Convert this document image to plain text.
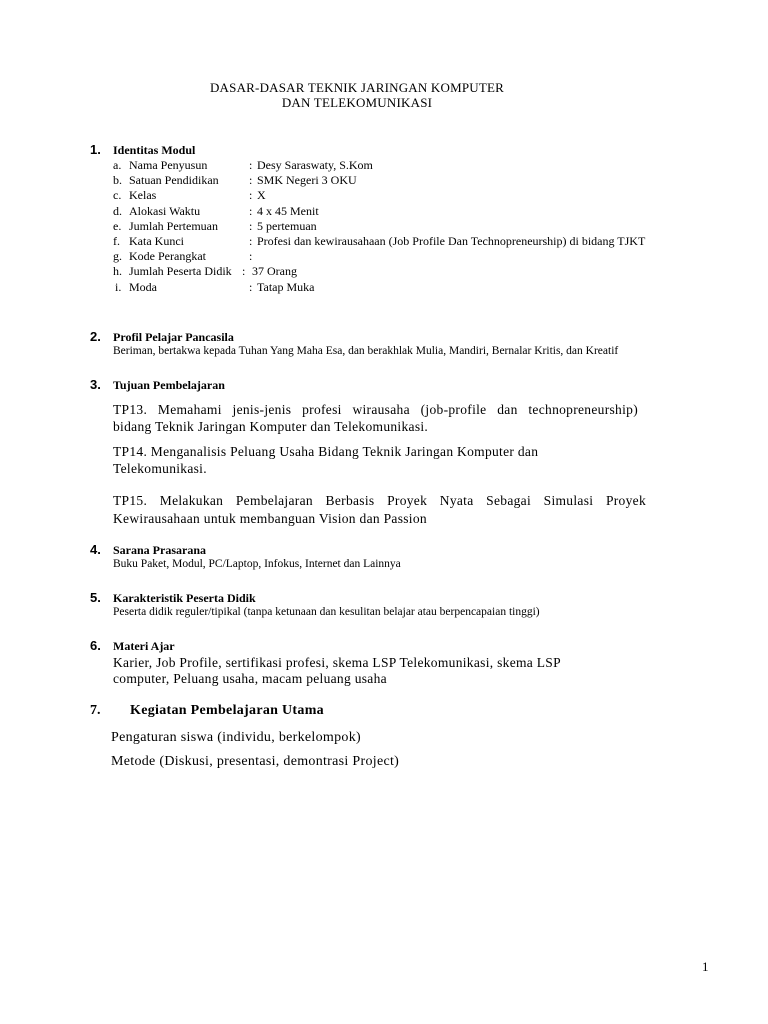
DASAR-DASAR TEKNIK JARINGAN KOMPUTER
DAN TELEKOMUNIKASI
1. Identitas Modul
a. Nama Penyusun	: Desy Saraswaty, S.Kom
b. Satuan Pendidikan	: SMK Negeri 3 OKU
c. Kelas	: X
d. Alokasi Waktu	: 4 x 45 Menit
e. Jumlah Pertemuan	: 5 pertemuan
f. Kata Kunci	: Profesi dan kewirausahaan (Job Profile Dan Technopreneurship) di bidang TJKT
g. Kode Perangkat	:
h. Jumlah Peserta Didik : 37 Orang
i. Moda	: Tatap Muka
2. Profil Pelajar Pancasila
Beriman, bertakwa kepada Tuhan Yang Maha Esa, dan berakhlak Mulia, Mandiri, Bernalar Kritis, dan Kreatif
3. Tujuan Pembelajaran
TP13. Memahami jenis-jenis profesi wirausaha (job-profile dan technopreneurship)
bidang Teknik Jaringan Komputer dan Telekomunikasi.
TP14. Menganalisis Peluang Usaha Bidang Teknik Jaringan Komputer dan
Telekomunikasi.
TP15. Melakukan Pembelajaran Berbasis Proyek Nyata Sebagai Simulasi Proyek
Kewirausahaan untuk membanguan Vision dan Passion
4. Sarana Prasarana
Buku Paket, Modul, PC/Laptop, Infokus, Internet dan Lainnya
5. Karakteristik Peserta Didik
Peserta didik reguler/tipikal (tanpa ketunaan dan kesulitan belajar atau berpencapaian tinggi)
6. Materi Ajar
Karier, Job Profile, sertifikasi profesi, skema LSP Telekomunikasi, skema LSP
computer, Peluang usaha, macam peluang usaha
7. Kegiatan Pembelajaran Utama
Pengaturan siswa (individu, berkelompok)
Metode (Diskusi, presentasi, demontrasi Project)
1
